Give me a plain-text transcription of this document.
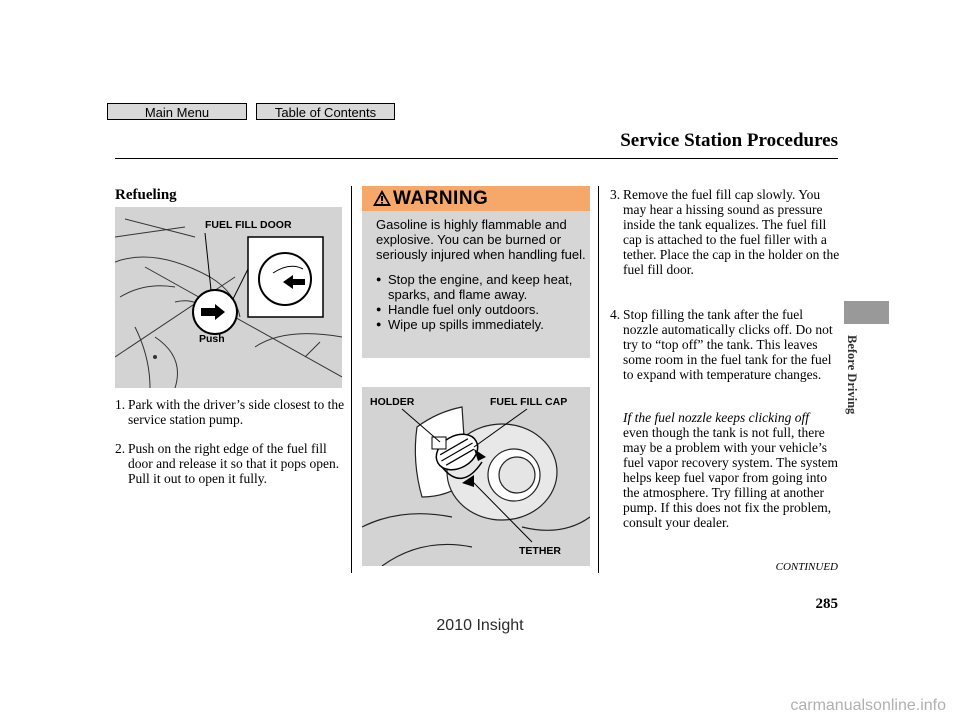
Main Menu	Table of Contents
Service Station Procedures
Before Driving
Refueling
FUEL FILL DOOR
Push
1. Park with the driver’s side closest to the service station pump.
2. Push on the right edge of the fuel fill door and release it so that it pops open. Pull it out to open it fully.
WARNING
Gasoline is highly flammable and explosive. You can be burned or seriously injured when handling fuel.
● Stop the engine, and keep heat, sparks, and flame away.
● Handle fuel only outdoors.
● Wipe up spills immediately.
HOLDER	FUEL FILL CAP
TETHER
3. Remove the fuel fill cap slowly. You may hear a hissing sound as pressure inside the tank equalizes. The fuel fill cap is attached to the fuel filler with a tether. Place the cap in the holder on the fuel fill door.
4. Stop filling the tank after the fuel nozzle automatically clicks off. Do not try to “top off” the tank. This leaves some room in the fuel tank for the fuel to expand with temperature changes.
If the fuel nozzle keeps clicking off
even though the tank is not full, there may be a problem with your vehicle’s fuel vapor recovery system. The system helps keep fuel vapor from going into the atmosphere. Try filling at another pump. If this does not fix the problem, consult your dealer.
CONTINUED
285
2010 Insight
carmanualsonline.info
